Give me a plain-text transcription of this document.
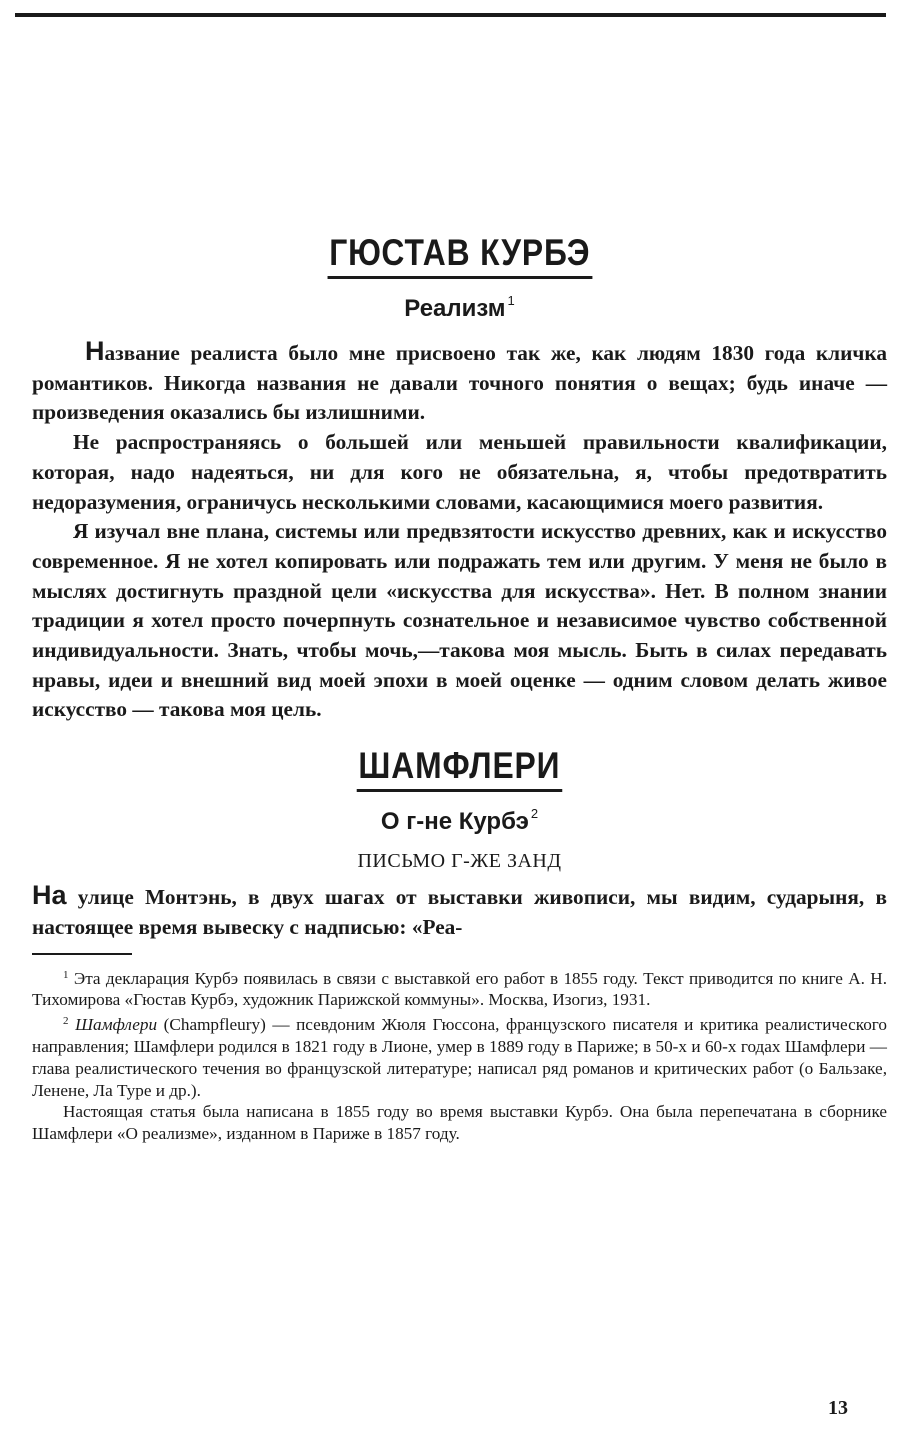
ГЮСТАВ КУРБЭ
Реализм $^1$

Название реалиста было мне присвоено так же, как людям 1830 года кличка романтиков. Никогда названия не давали точного понятия о вещах; будь иначе — произведения оказались бы излишними.

Не распространяясь о большей или меньшей правильности квалификации, которая, надо надеяться, ни для кого не обязательна, я, чтобы предотвратить недоразумения, ограничусь несколькими словами, касающимися моего развития.

Я изучал вне плана, системы или предвзятости искусство древних, как и искусство современное. Я не хотел копировать или подражать тем или другим. У меня не было в мыслях достигнуть праздной цели «искусства для искусства». Нет. В полном знании традиции я хотел просто почерпнуть сознательное и независимое чувство собственной индивидуальности. Знать, чтобы мочь,—такова моя мысль. Быть в силах передавать нравы, идеи и внешний вид моей эпохи в моей оценке — одним словом делать живое искусство — такова моя цель.

ШАМФЛЕРИ
О г-не Курбэ $^2$
ПИСЬМО Г-ЖЕ ЗАНД

На улице Монтэнь, в двух шагах от выставки живописи, мы видим, сударыня, в настоящее время вывеску с надписью: «Реа-

$^1$ Эта декларация Курбэ появилась в связи с выставкой его работ в 1855 году. Текст приводится по книге А. Н. Тихомирова «Гюстав Курбэ, художник Парижской коммуны». Москва, Изогиз, 1931.

$^2$ Шамфлери (Champfleury) — псевдоним Жюля Гюссона, французского писателя и критика реалистического направления; Шамфлери родился в 1821 году в Лионе, умер в 1889 году в Париже; в 50-х и 60-х годах Шамфлери — глава реалистического течения во французской литературе; написал ряд романов и критических работ (о Бальзаке, Ленене, Ла Туре и др.).

Настоящая статья была написана в 1855 году во время выставки Курбэ. Она была перепечатана в сборнике Шамфлери «О реализме», изданном в Париже в 1857 году.

13
